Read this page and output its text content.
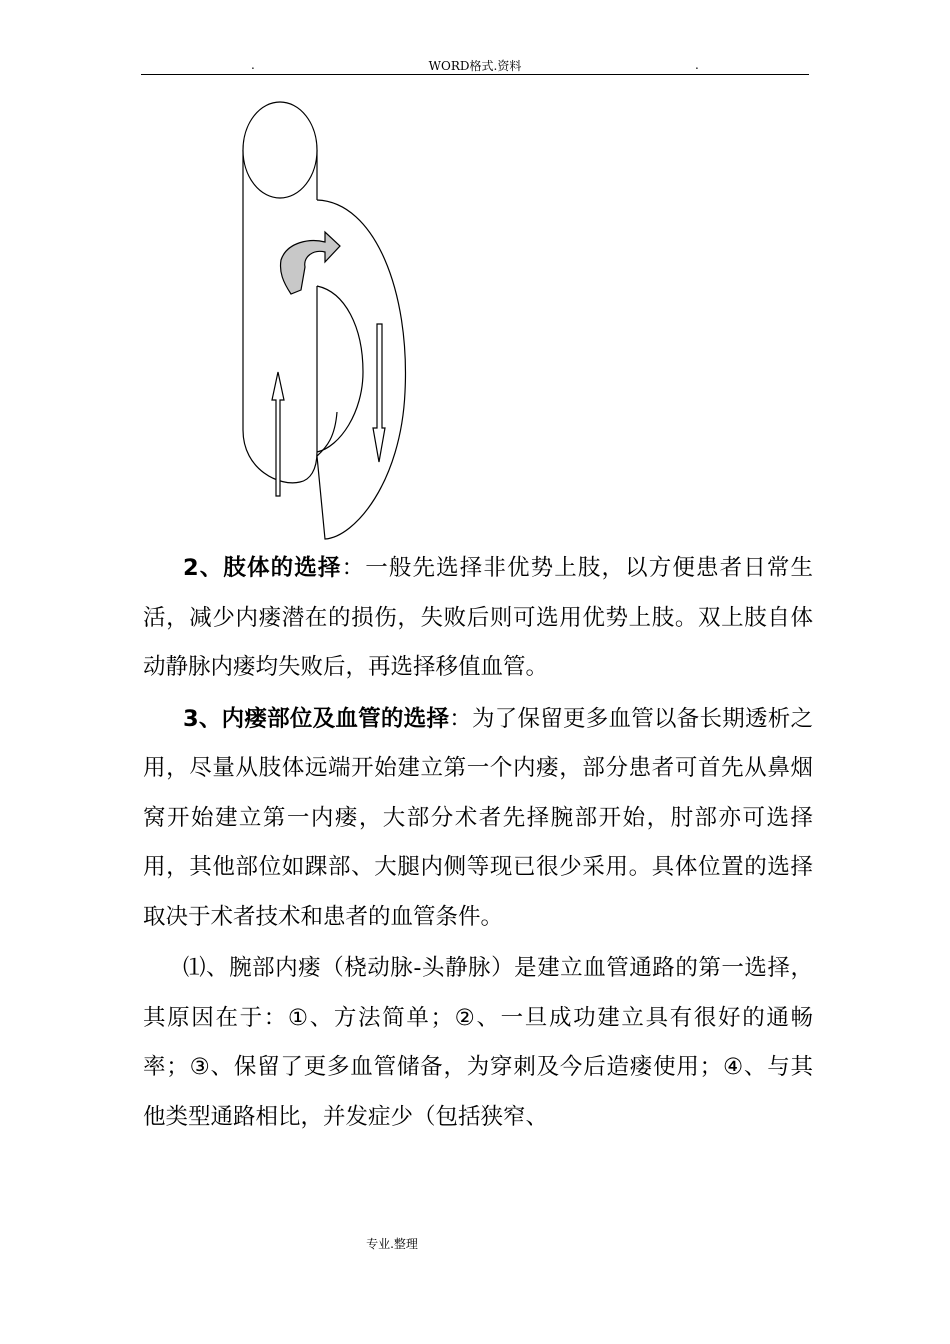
.	WORD格式.资料	.

2、肢体的选择：一般先选择非优势上肢，以方便患者日常生活，减少内瘘潜在的损伤，失败后则可选用优势上肢。双上肢自体动静脉内瘘均失败后，再选择移值血管。

3、内瘘部位及血管的选择：为了保留更多血管以备长期透析之用，尽量从肢体远端开始建立第一个内瘘，部分患者可首先从鼻烟窝开始建立第一内瘘，大部分术者先择腕部开始，肘部亦可选择用，其他部位如踝部、大腿内侧等现已很少采用。具体位置的选择取决于术者技术和患者的血管条件。

⑴、腕部内瘘（桡动脉-头静脉）是建立血管通路的第一选择，其原因在于：①、方法简单；②、一旦成功建立具有很好的通畅率；③、保留了更多血管储备，为穿刺及今后造瘘使用；④、与其他类型通路相比，并发症少（包括狭窄、

专业.整理
